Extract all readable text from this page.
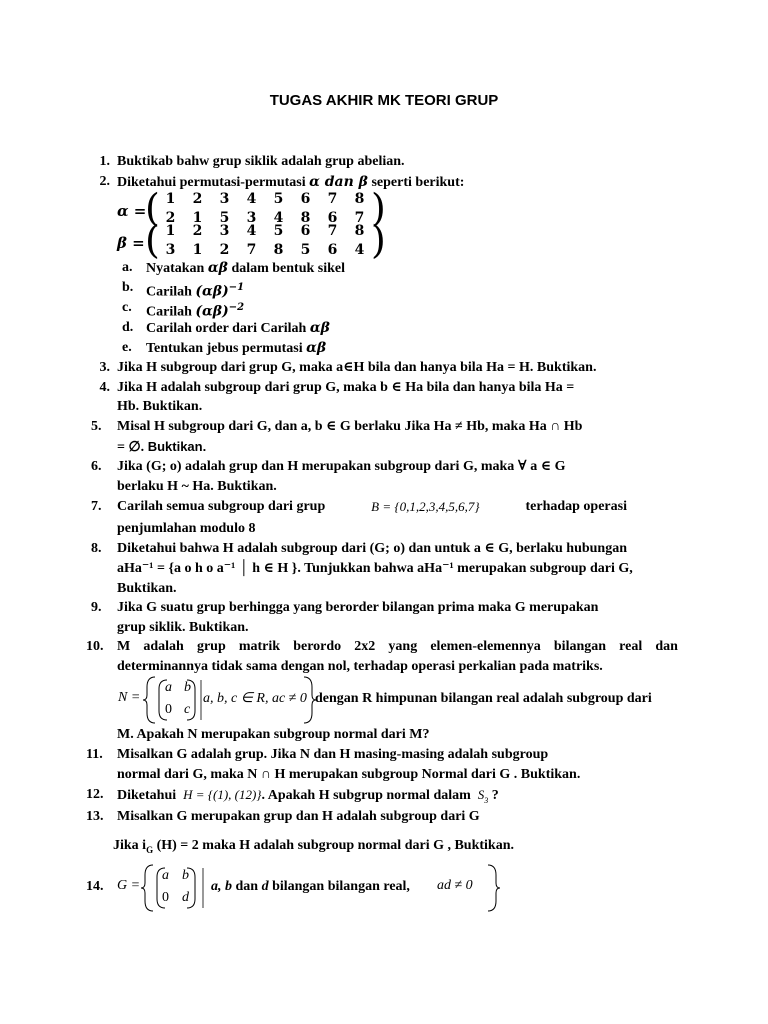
TUGAS AKHIR MK TEORI GRUP
1. Buktikab bahw grup siklik adalah grup abelian.
2. Diketahui permutasi-permutasi α dan β seperti berikut:
α =
( 1	2	3	4	5	6	7	8
2	1	5	3	4	8	6	7 )
β = ( 1	2	3	4	5	6	7	8
3	1	2	7	8	5	6	4 )
a. Nyatakan αβ dalam bentuk sikel
b. Carilah $(\alpha\beta)^{-1}$
c. Carilah $(\alpha\beta)^{-2}$
d. Carilah order dari Carilah αβ
e. Tentukan jebus permutasi αβ
3. Jika H subgroup dari grup G, maka a∈H bila dan hanya bila Ha = H. Buktikan.
4. Jika H adalah subgroup dari grup G, maka b ∈ Ha bila dan hanya bila Ha =
Hb. Buktikan.
5.	Misal H subgroup dari G, dan a, b ∈ G berlaku Jika Ha ≠ Hb, maka Ha ∩ Hb
= ∅. Buktikan.
6.	Jika (G; o) adalah grup dan H merupakan subgroup dari G, maka ∀ a ∈ G
berlaku H ~ Ha. Buktikan.
7.	Carilah semua subgroup dari grup	B = {0,1,2,3,4,5,6,7}	terhadap operasi
penjumlahan modulo 8
8.	Diketahui bahwa H adalah subgroup dari (G; o) dan untuk a ∈ G, berlaku hubungan
aHa⁻¹ = {a o h o a⁻¹ │ h ∈ H }. Tunjukkan bahwa aHa⁻¹ merupakan subgroup dari G,
Buktikan.
9.	Jika G suatu grup berhingga yang berorder bilangan prima maka G merupakan
grup siklik. Buktikan.
10. M adalah grup matrik berordo 2x2 yang elemen-elemennya bilangan real dan
determinannya tidak sama dengan nol, terhadap operasi perkalian pada matriks.
N =
a b
0 c
a, b, c ∈ R, ac ≠ 0 dengan R himpunan bilangan real adalah subgroup dari
M. Apakah N merupakan subgroup normal dari M?
11.	Misalkan G adalah grup. Jika N dan H masing-masing adalah subgroup
normal dari G, maka N ∩ H merupakan subgroup Normal dari G . Buktikan.
12. Diketahui H = {(1), (12)}. Apakah H subgrup normal dalam $S_3$ ?
13. Misalkan G merupakan grup dan H adalah subgroup dari G
Jika $i_G$ (H) = 2 maka H adalah subgroup normal dari G , Buktikan.
14. G =
a b
0 d
a, b dan d bilangan bilangan real, ad ≠ 0
